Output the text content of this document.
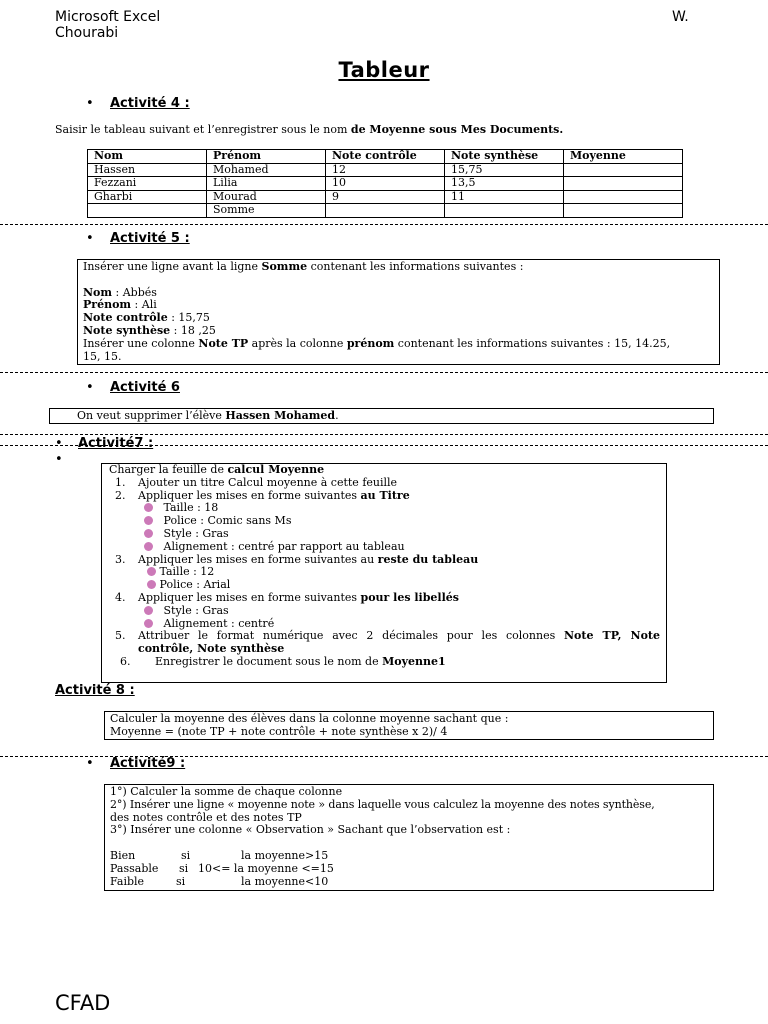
Microsoft Excel	W.
Chourabi
Tableur
• Activité 4 :
Saisir le tableau suivant et l’enregistrer sous le nom de Moyenne sous Mes Documents.
Nom	Prénom	Note contrôle	Note synthèse	Moyenne
Hassen	Mohamed	12	15,75	
Fezzani	Lilia	10	13,5	
Gharbi	Mourad	9	11	
	Somme			
• Activité 5 :
Insérer une ligne avant la ligne Somme contenant les informations suivantes :
Nom : Abbés
Prénom : Ali
Note contrôle : 15,75
Note synthèse : 18 ,25
Insérer une colonne Note TP après la colonne prénom contenant les informations suivantes : 15, 14.25,
15, 15.
• Activité 6
On veut supprimer l’élève Hassen Mohamed.
• Activité7 :
•
Charger la feuille de calcul Moyenne
1. Ajouter un titre Calcul moyenne à cette feuille
2. Appliquer les mises en forme suivantes au Titre
Taille : 18
Police : Comic sans Ms
Style : Gras
Alignement : centré par rapport au tableau
3. Appliquer les mises en forme suivantes au reste du tableau
Taille : 12
Police : Arial
4. Appliquer les mises en forme suivantes pour les libellés
Style : Gras
Alignement : centré
5. Attribuer le format numérique avec 2 décimales pour les colonnes Note TP, Note
contrôle, Note synthèse
6. Enregistrer le document sous le nom de Moyenne1
Activité 8 :
Calculer la moyenne des élèves dans la colonne moyenne sachant que :
Moyenne = (note TP + note contrôle + note synthèse x 2)/ 4
• Activité9 :
1°) Calculer la somme de chaque colonne
2°) Insérer une ligne « moyenne note » dans laquelle vous calculez la moyenne des notes synthèse,
des notes contrôle et des notes TP
3°) Insérer une colonne « Observation » Sachant que l’observation est :
Bien	si	la moyenne>15
Passable si 10<= la moyenne <=15
Faible	si	la moyenne<10
CFAD
